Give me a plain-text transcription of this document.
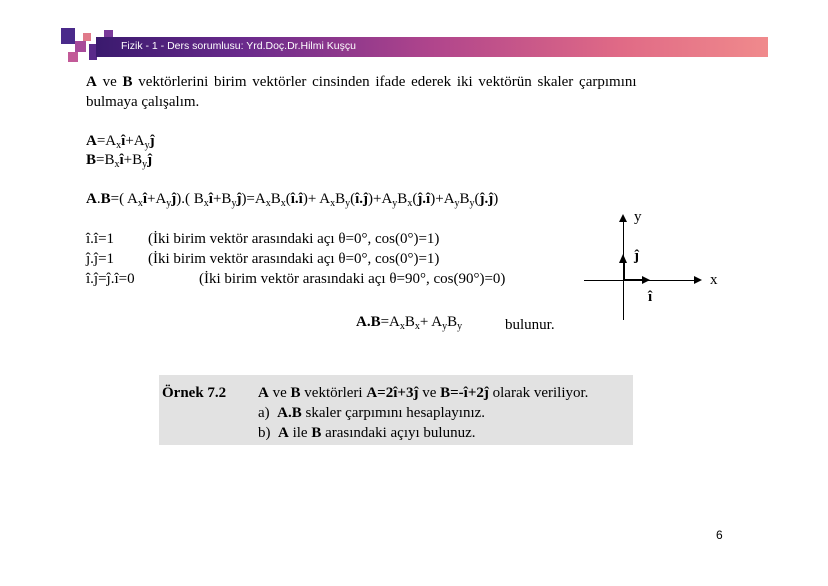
Fizik - 1 - Ders sorumlusu: Yrd.Doç.Dr.Hilmi Kuşçu
A ve B vektörlerini birim vektörler cinsinden ifade ederek iki vektörün skaler çarpımını
bulmaya çalışalım.
$A=A_xî+A_yĵ$
$B=B_xî+B_yĵ$
A.B=( $A_xî+A_yĵ$).( $B_xî+B_yĵ)=A_xB_x(î.î)+$ $A_xB_y(î.ĵ)+A_yB_x(ĵ.î)+A_yB_y(ĵ.ĵ)$
î.î=1 (İki birim vektör arasındaki açı θ=0°, cos(0°)=1)
ĵ.ĵ=1 (İki birim vektör arasındaki açı θ=0°, cos(0°)=1)
î.ĵ=ĵ.î=0	(İki birim vektör arasındaki açı θ=90°, cos(90°)=0)
$A.B=A_xB_x+ A_yB_y$	bulunur.
y
x
ĵ
î
Örnek 7.2 A ve B vektörleri A=2î+3ĵ ve B=-î+2ĵ olarak veriliyor.
a) A.B skaler çarpımını hesaplayınız.
b) A ile B arasındaki açıyı bulunuz.
6
